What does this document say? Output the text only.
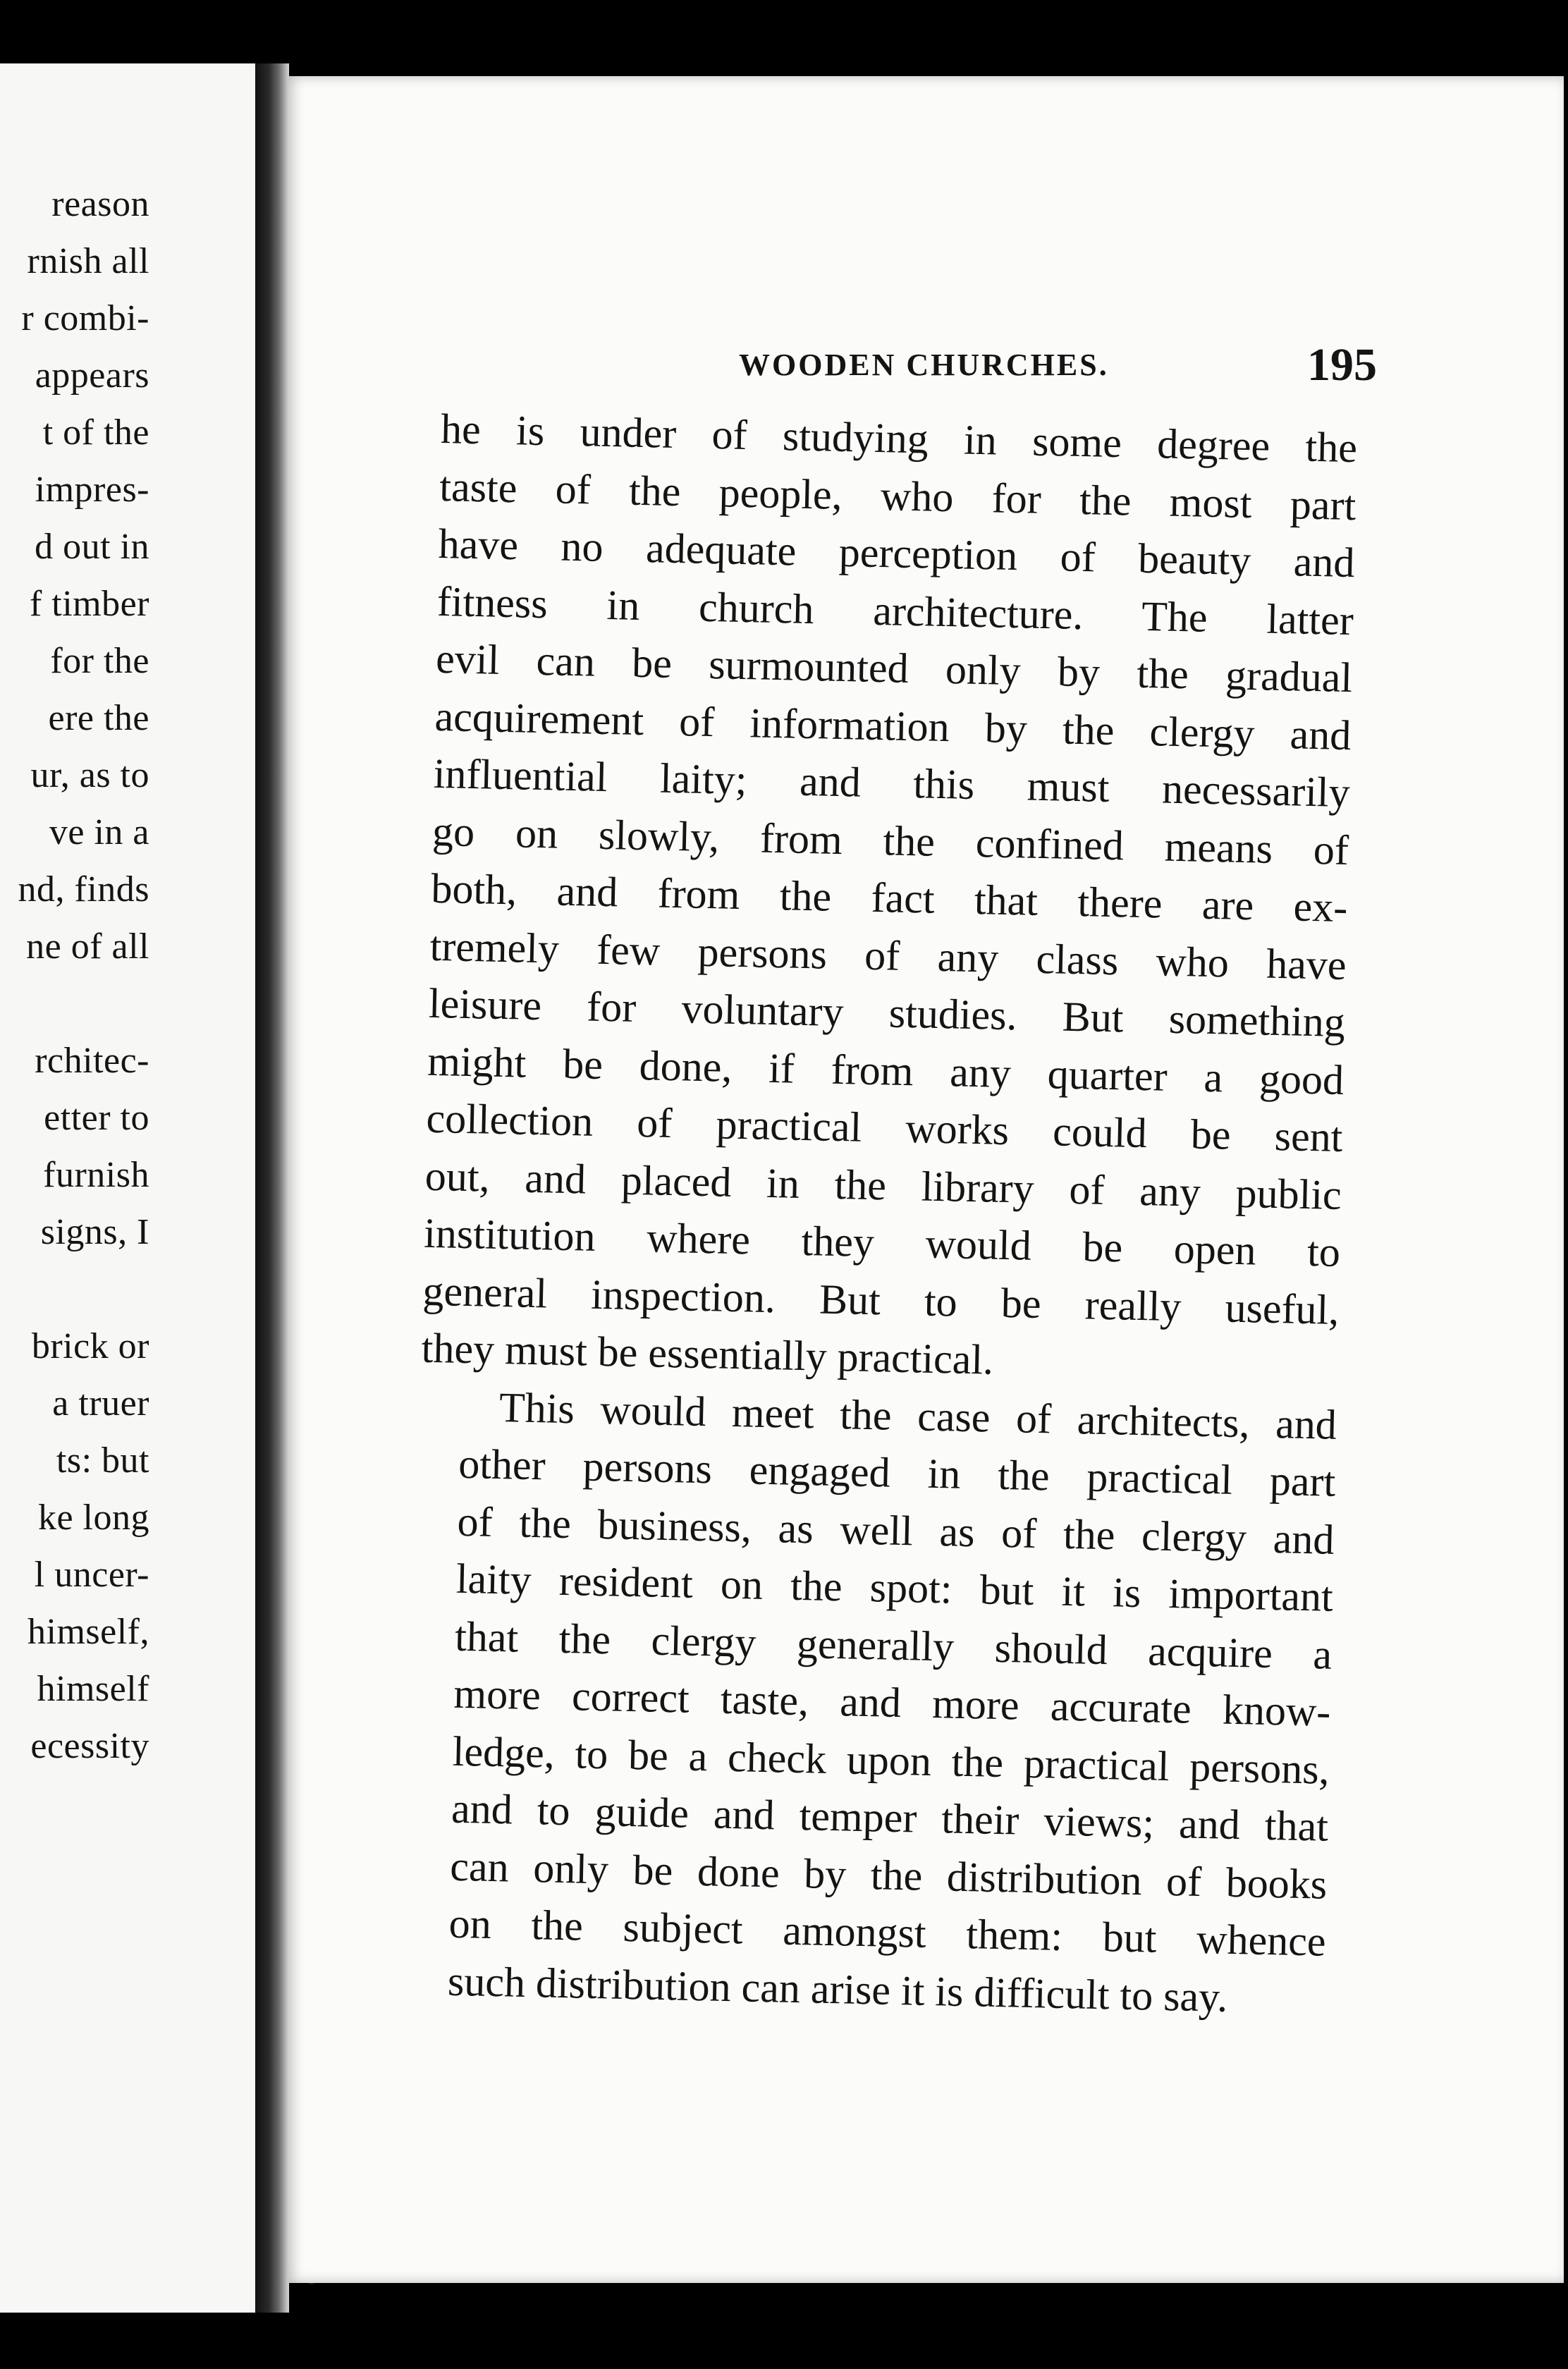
reason
rnish all
r combi-
appears
t of the
impres-
d out in
f timber
for the
ere the
ur, as to
ve in a
nd, finds
ne of all
rchitec-
etter to
furnish
signs, I
brick or
a truer
ts: but
ke long
l uncer-
himself,
himself
ecessity
WOODEN CHURCHES.	195

he is under of studying in some degree the
taste of the people, who for the most part
have no adequate perception of beauty and
fitness in church architecture. The latter
evil can be surmounted only by the gradual
acquirement of information by the clergy and
influential laity; and this must necessarily
go on slowly, from the confined means of
both, and from the fact that there are ex-
tremely few persons of any class who have
leisure for voluntary studies. But something
might be done, if from any quarter a good
collection of practical works could be sent
out, and placed in the library of any public
institution where they would be open to
general inspection. But to be really useful,
they must be essentially practical.

This would meet the case of architects, and
other persons engaged in the practical part
of the business, as well as of the clergy and
laity resident on the spot: but it is important
that the clergy generally should acquire a
more correct taste, and more accurate know-
ledge, to be a check upon the practical persons,
and to guide and temper their views; and that
can only be done by the distribution of books
on the subject amongst them: but whence
such distribution can arise it is difficult to say.
